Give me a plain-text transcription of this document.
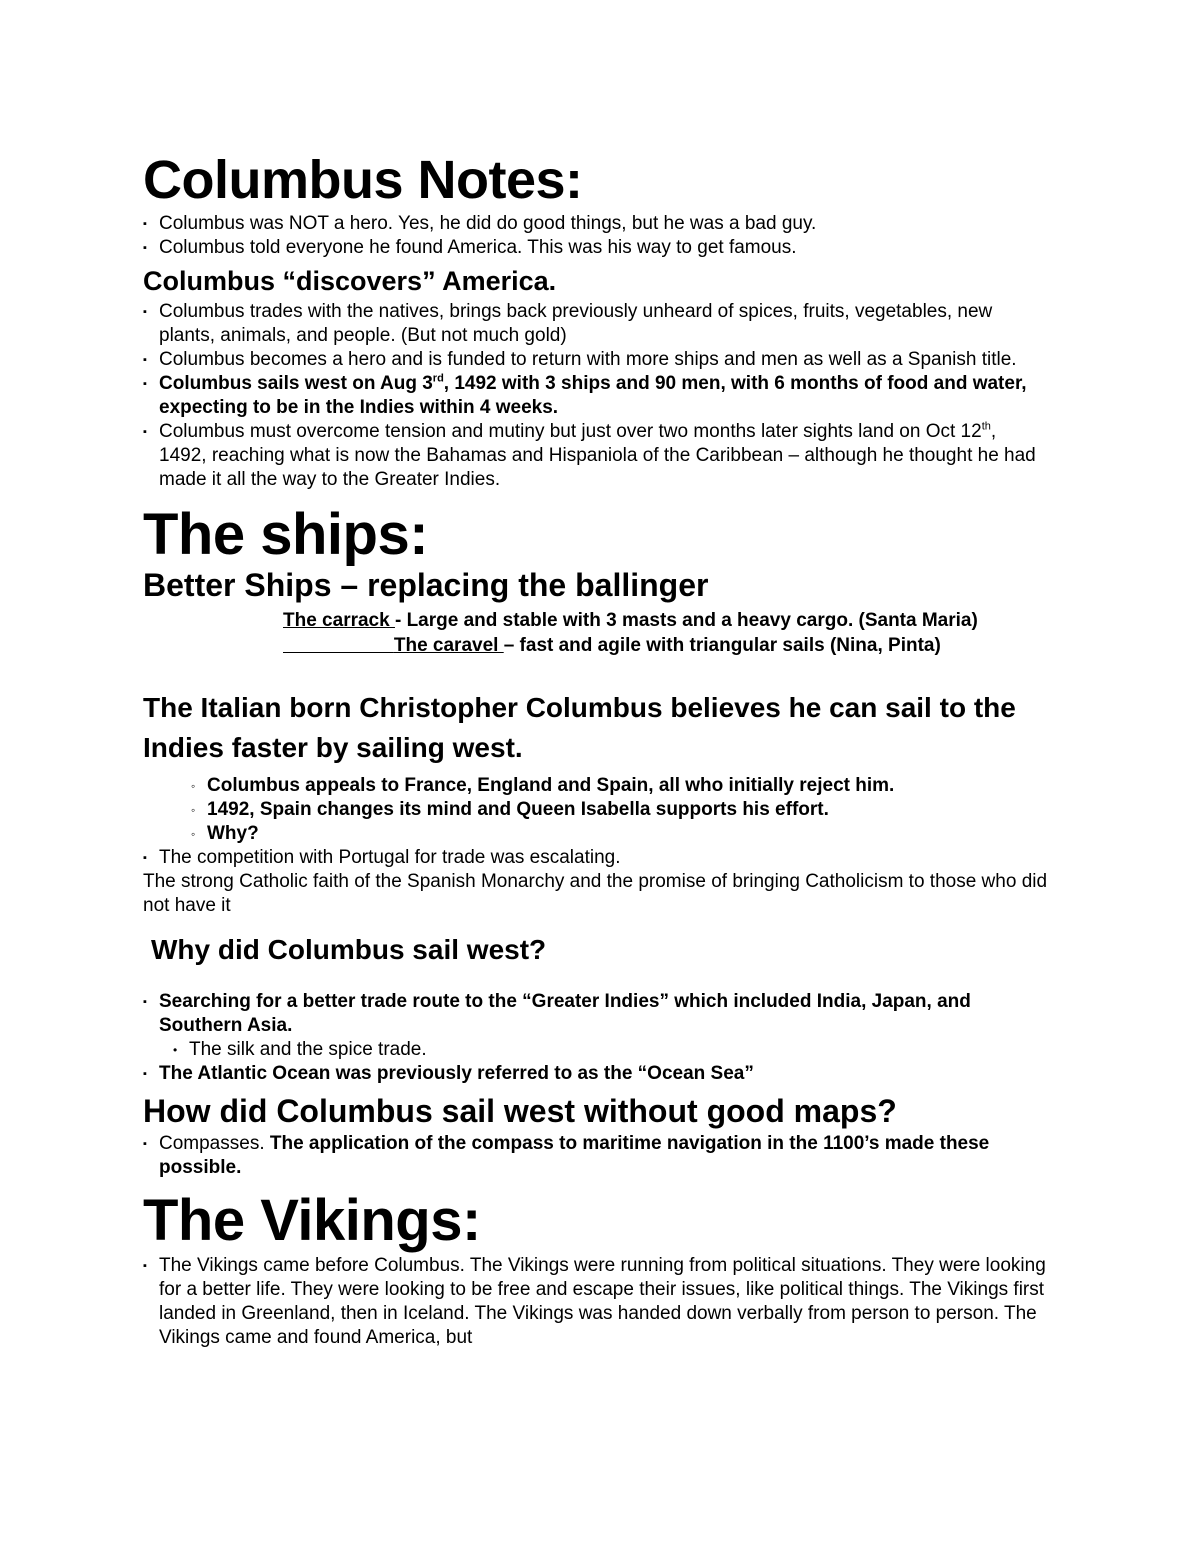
Columbus Notes:
▪ Columbus was NOT a hero. Yes, he did do good things, but he was a bad guy.
▪ Columbus told everyone he found America. This was his way to get famous.
Columbus “discovers” America.
▪ Columbus trades with the natives, brings back previously unheard of spices, fruits, vegetables, new plants, animals, and people. (But not much gold)
▪ Columbus becomes a hero and is funded to return with more ships and men as well as a Spanish title.
▪ Columbus sails west on Aug 3rd, 1492 with 3 ships and 90 men, with 6 months of food and water, expecting to be in the Indies within 4 weeks.
▪ Columbus must overcome tension and mutiny but just over two months later sights land on Oct 12th, 1492, reaching what is now the Bahamas and Hispaniola of the Caribbean – although he thought he had made it all the way to the Greater Indies.
The ships:
Better Ships – replacing the ballinger
The carrack - Large and stable with 3 masts and a heavy cargo. (Santa Maria)
The caravel – fast and agile with triangular sails (Nina, Pinta)
The Italian born Christopher Columbus believes he can sail to the Indies faster by sailing west.
◦ Columbus appeals to France, England and Spain, all who initially reject him.
◦ 1492, Spain changes its mind and Queen Isabella supports his effort.
◦ Why?
▪ The competition with Portugal for trade was escalating.

The strong Catholic faith of the Spanish Monarchy and the promise of bringing Catholicism to those who did not have it

Why did Columbus sail west?
▪ Searching for a better trade route to the “Greater Indies” which included India, Japan, and Southern Asia.
• The silk and the spice trade.
▪ The Atlantic Ocean was previously referred to as the “Ocean Sea”
How did Columbus sail west without good maps?
▪ Compasses. The application of the compass to maritime navigation in the 1100’s made these possible.
The Vikings:
▪ The Vikings came before Columbus. The Vikings were running from political situations. They were looking for a better life. They were looking to be free and escape their issues, like political things. The Vikings first landed in Greenland, then in Iceland. The Vikings was handed down verbally from person to person. The Vikings came and found America, but
